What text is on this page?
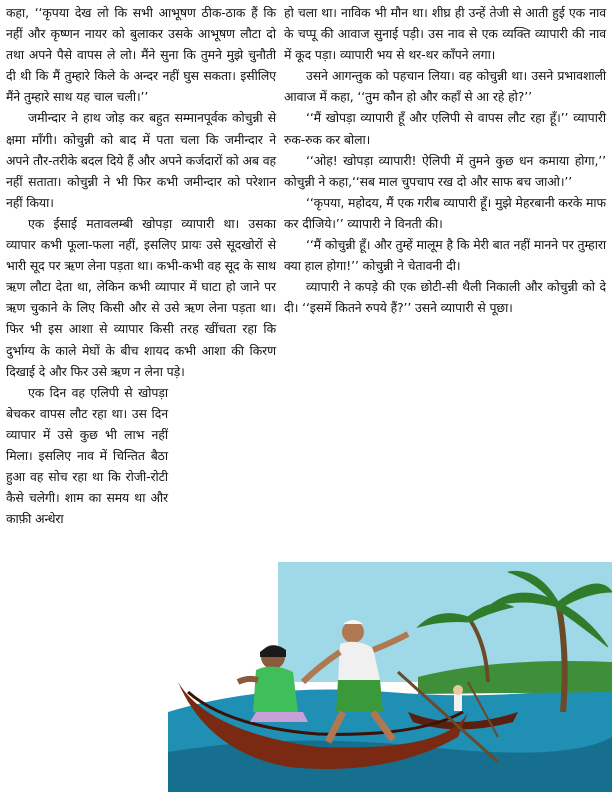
कहा, ‘‘कृपया देख लो कि सभी आभूषण ठीक-ठाक हैं कि नहीं और कृष्णन नायर को बुलाकर उसके आभूषण लौटा दो तथा अपने पैसे वापस ले लो। मैंने सुना कि तुमने मुझे चुनौती दी थी कि मैं तुम्हारे किले के अन्दर नहीं घुस सकता। इसीलिए मैंने तुम्हारे साथ यह चाल चली।’’

जमीन्दार ने हाथ जोड़ कर बहुत सम्मानपूर्वक कोचुन्नी से क्षमा माँगी। कोचुन्नी को बाद में पता चला कि जमीन्दार ने अपने तौर-तरीके बदल दिये हैं और अपने कर्जदारों को अब वह नहीं सताता। कोचुन्नी ने भी फिर कभी जमीन्दार को परेशान नहीं किया।

एक ईसाई मतावलम्बी खोपड़ा व्यापारी था। उसका व्यापार कभी फूला-फला नहीं, इसलिए प्रायः उसे सूदखोरों से भारी सूद पर ऋण लेना पड़ता था। कभी-कभी वह सूद के साथ ऋण लौटा देता था, लेकिन कभी व्यापार में घाटा हो जाने पर ऋण चुकाने के लिए किसी और से उसे ऋण लेना पड़ता था। फिर भी इस आशा से व्यापार किसी तरह खींचता रहा कि दुर्भाग्य के काले मेघों के बीच शायद कभी आशा की किरण दिखाई दे और फिर उसे ऋण न लेना पड़े।

एक दिन वह एलिपी से खोपड़ा बेचकर वापस लौट रहा था। उस दिन व्यापार में उसे कुछ भी लाभ नहीं मिला। इसलिए नाव में चिन्तित बैठा हुआ वह सोच रहा था कि रोजी-रोटी कैसे चलेगी। शाम का समय था और काफ़ी अन्धेरा

हो चला था। नाविक भी मौन था। शीघ्र ही उन्हें तेजी से आती हुई एक नाव के चप्पू की आवाज सुनाई पड़ी। उस नाव से एक व्यक्ति व्यापारी की नाव में कूद पड़ा। व्यापारी भय से थर-थर काँपने लगा।

उसने आगन्तुक को पहचान लिया। वह कोचुन्नी था। उसने प्रभावशाली आवाज में कहा, ‘‘तुम कौन हो और कहाँ से आ रहे हो?’’

‘‘मैं खोपड़ा व्यापारी हूँ और एलिपी से वापस लौट रहा हूँ।’’ व्यापारी रुक-रुक कर बोला।

‘‘ओह! खोपड़ा व्यापारी! ऐलिपी में तुमने कुछ धन कमाया होगा,’’ कोचुन्नी ने कहा,‘‘सब माल चुपचाप रख दो और साफ बच जाओ।’’

‘‘कृपया, महोदय, मैं एक गरीब व्यापारी हूँ। मुझे मेहरबानी करके माफ कर दीजिये।’’ व्यापारी ने विनती की।

‘‘मैं कोचुन्नी हूँ। और तुम्हें मालूम है कि मेरी बात नहीं मानने पर तुम्हारा क्या हाल होगा!’’ कोचुन्नी ने चेतावनी दी।

व्यापारी ने कपड़े की एक छोटी-सी थैली निकाली और कोचुन्नी को दे दी। ‘‘इसमें कितने रुपये हैं?’’ उसने व्यापारी से पूछा।
